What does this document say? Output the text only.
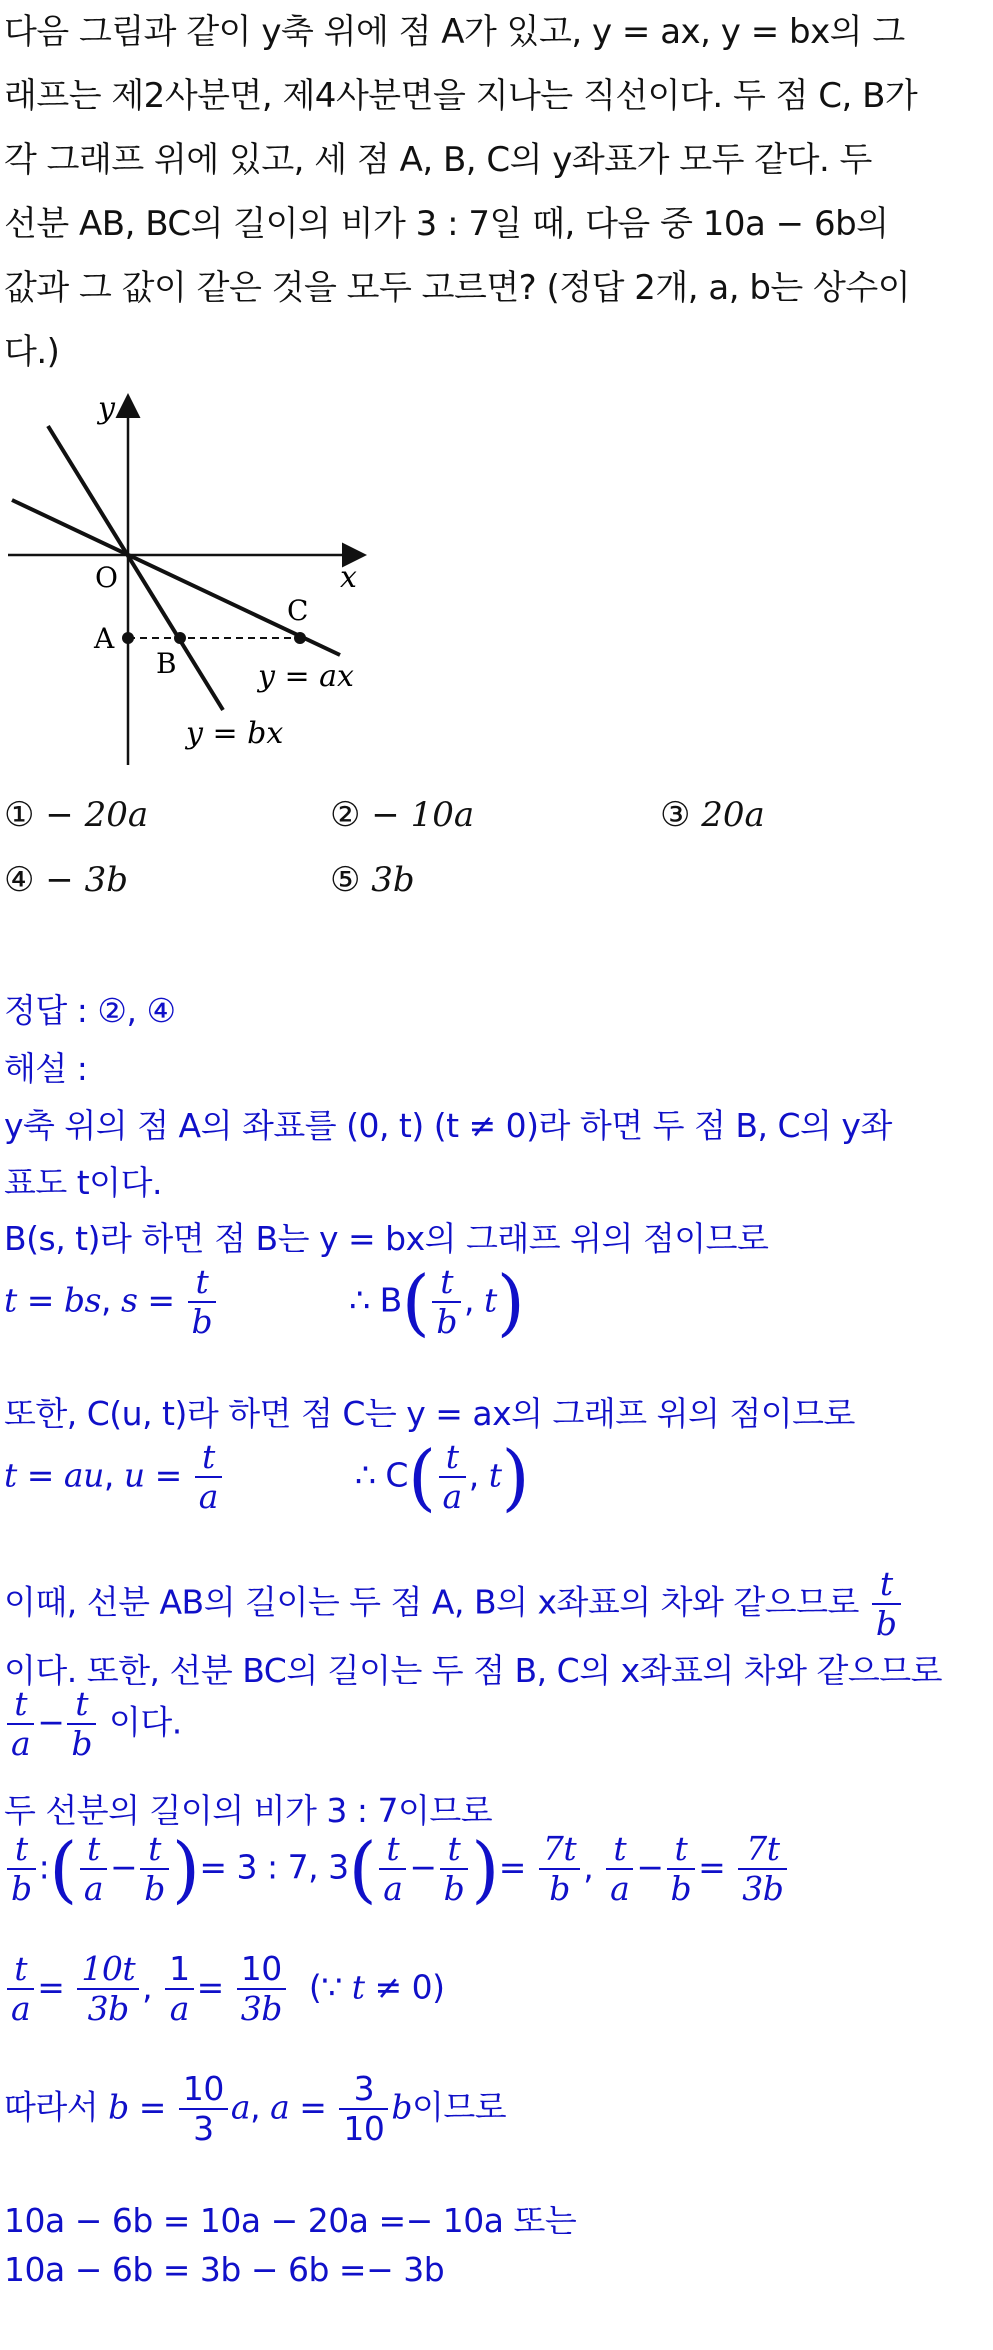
다음 그림과 같이 y축 위에 점 A가 있고, y = ax, y = bx의 그

래프는 제2사분면, 제4사분면을 지나는 직선이다. 두 점 C, B가

각 그래프 위에 있고, 세 점 A, B, C의 y좌표가 모두 같다. 두

선분 AB, BC의 길이의 비가 3 : 7일 때, 다음 중 10a − 6b의

값과 그 값이 같은 것을 모두 고르면? (정답 2개, a, b는 상수이

다.)

y
x
O
A
B
C
y = ax
y = bx
① − 20a	② − 10a	③ 20a
④ − 3b	⑤ 3b
정답 : ②, ④
해설 :
y축 위의 점 A의 좌표를 (0, t) (t ≠ 0)라 하면 두 점 B, C의 y좌
표도 t이다.
B(s, t)라 하면 점 B는 y = bx의 그래프 위의 점이므로
t = bs, $s = \frac{t}{b}$	∴ $B( \frac{t}{b}$ , t)
또한, C(u, t)라 하면 점 C는 y = ax의 그래프 위의 점이므로
t = au, $u = \frac{t}{a}$	∴ $C( \frac{t}{a}$ , t)
이때, 선분 AB의 길이는 두 점 A, B의 x좌표의 차와 같으므로 $\frac{t}{b}$
이다. 또한, 선분 BC의 길이는 두 점 B, C의 x좌표의 차와 같으므로
$\frac{t}{a} - \frac{t}{b}$ 이다.
두 선분의 길이의 비가 3 : 7이므로
$\frac{t}{b}$ :( $\frac{t}{a} - \frac{t}{b}$ )= 3 : 7, $3( \frac{t}{a} - \frac{t}{b}$ )= $\frac{7t}{b}$ , $\frac{t}{a} - \frac{t}{b} = \frac{7t}{3b}$
$\frac{t}{a} = \frac{10t}{3b}$ , $\frac{1}{a} = \frac{10}{3b}$ (∵ t ≠ 0)
따라서 $b = \frac{10}{3} a$, $a = \frac{3}{10}$ b이므로
10a − 6b = 10a − 20a =− 10a 또는
10a − 6b = 3b − 6b =− 3b
